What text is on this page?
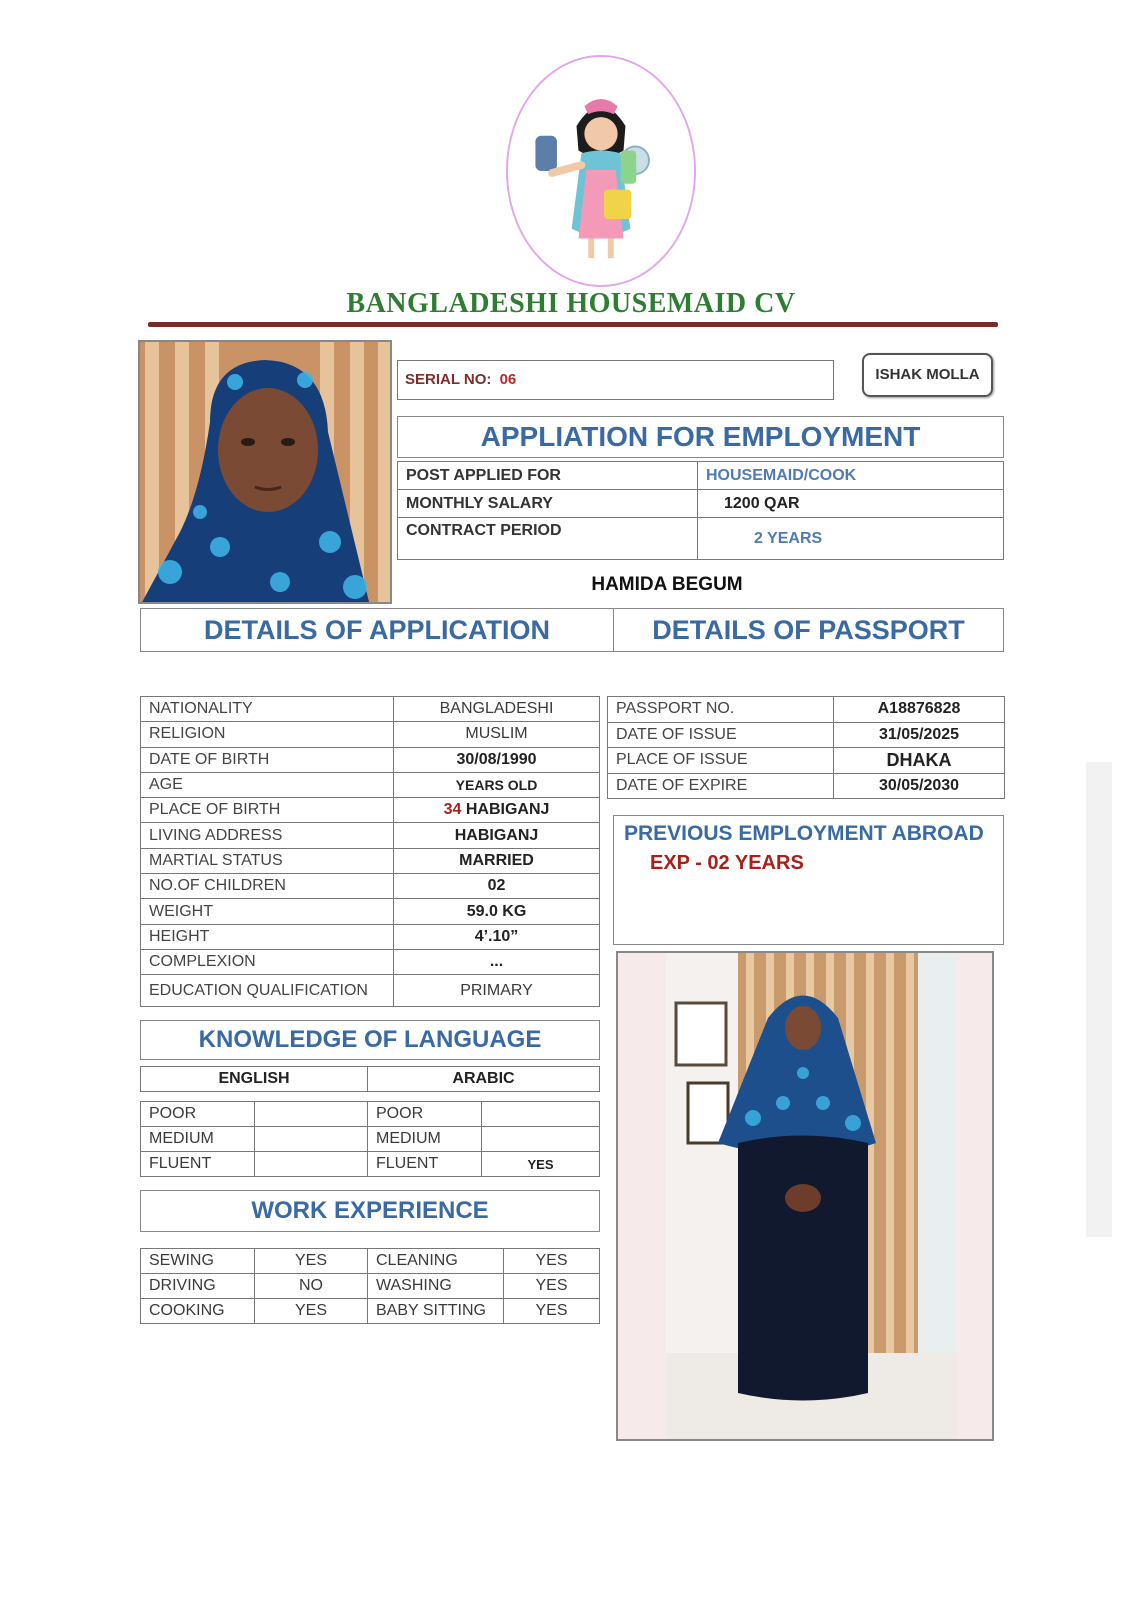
BANGLADESHI HOUSEMAID CV
SERIAL NO: 06	ISHAK MOLLA
APPLIATION FOR EMPLOYMENT
POST APPLIED FOR	HOUSEMAID/COOK
MONTHLY SALARY	1200 QAR
CONTRACT PERIOD	2 YEARS
HAMIDA BEGUM
DETAILS OF APPLICATION	DETAILS OF PASSPORT
NATIONALITY	BANGLADESHI
RELIGION	MUSLIM
DATE OF BIRTH	30/08/1990
AGE	YEARS OLD
PLACE OF BIRTH	34 HABIGANJ
LIVING ADDRESS	HABIGANJ
MARTIAL STATUS	MARRIED
NO.OF CHILDREN	02
WEIGHT	59.0 KG
HEIGHT	4’.10”
COMPLEXION	...
EDUCATION QUALIFICATION	PRIMARY
PASSPORT NO.	A18876828
DATE OF ISSUE	31/05/2025
PLACE OF ISSUE	DHAKA
DATE OF EXPIRE	30/05/2030
PREVIOUS EMPLOYMENT ABROAD
EXP - 02 YEARS
KNOWLEDGE OF LANGUAGE
ENGLISH	ARABIC
POOR		POOR	
MEDIUM		MEDIUM	
FLUENT		FLUENT	YES
WORK EXPERIENCE
SEWING	YES	CLEANING	YES
DRIVING	NO	WASHING	YES
COOKING	YES	BABY SITTING	YES
